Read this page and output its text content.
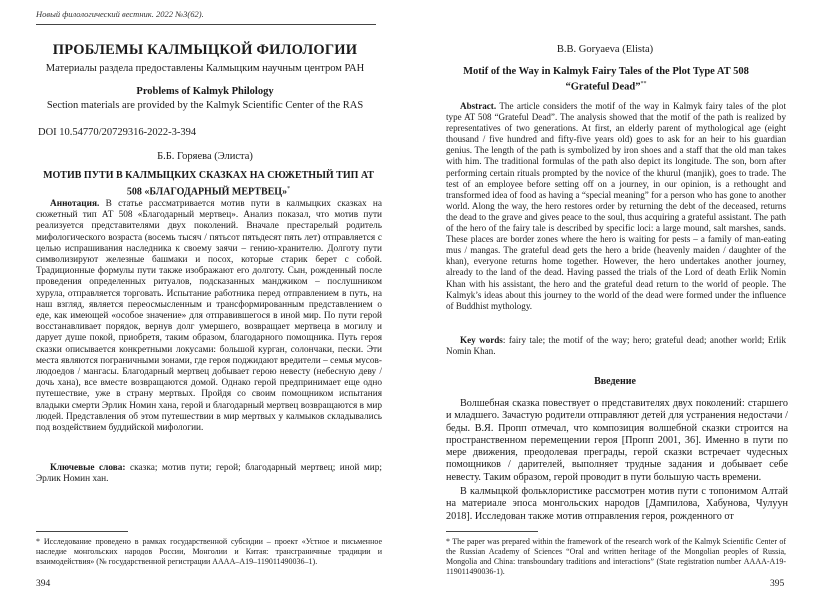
Новый филологический вестник. 2022 №3(62).

ПРОБЛЕМЫ КАЛМЫЦКОЙ ФИЛОЛОГИИ

Материалы раздела предоставлены Калмыцким научным центром РАН

Problems of Kalmyk Philology

Section materials are provided by the Kalmyk Scientific Center of the RAS

DOI 10.54770/20729316-2022-3-394

Б.Б. Горяева (Элиста)

МОТИВ ПУТИ В КАЛМЫЦКИХ СКАЗКАХ НА СЮЖЕТНЫЙ ТИП АТ 508 «БЛАГОДАРНЫЙ МЕРТВЕЦ»*

Аннотация. В статье рассматривается мотив пути в калмыцких сказках на сюжетный тип АТ 508 «Благодарный мертвец». Анализ показал, что мотив пути реализуется представителями двух поколений. Вначале престарелый родитель мифологического возраста (восемь тысяч / пятьсот пятьдесят пять лет) отправляется с целью испрашивания наследника к своему заячи – гению-хранителю. Долготу пути символизируют железные башмаки и посох, которые старик берет с собой. Традиционные формулы пути также изображают его долготу. Сын, рожденный после проведения определенных ритуалов, подсказанных манджиком – послушником хурула, отправляется торговать. Испытание работника перед отправлением в путь, на наш взгляд, является переосмысленным и трансформированным представлением о еде, как имеющей «особое значение» для отправившегося в иной мир. По пути герой восстанавливает порядок, вернув долг умершего, возвращает мертвеца в могилу и дарует душе покой, приобретя, таким образом, благодарного помощника. Путь героя сказки описывается конкретными локусами: большой курган, солончаки, пески. Эти места являются пограничными зонами, где героя поджидают вредители – семья мусов-людоедов / мангасы. Благодарный мертвец добывает герою невесту (небесную деву / дочь хана), все вместе возвращаются домой. Однако герой предпринимает еще одно путешествие, уже в страну мертвых. Пройдя со своим помощником испытания владыки смерти Эрлик Номин хана, герой и благодарный мертвец возвращаются в мир людей. Представления об этом путешествии в мир мертвых у калмыков складывались под воздействием буддийской мифологии.

Ключевые слова: сказка; мотив пути; герой; благодарный мертвец; иной мир; Эрлик Номин хан.

* Исследование проведено в рамках государственной субсидии – проект «Устное и письменное наследие монгольских народов России, Монголии и Китая: трансграничные традиции и взаимодействия» (№ государственной регистрации АААА–А19–119011490036–1).

394

B.B. Goryaeva (Elista)

Motif of the Way in Kalmyk Fairy Tales of the Plot Type AT 508 “Grateful Dead”**

Abstract. The article considers the motif of the way in Kalmyk fairy tales of the plot type AT 508 “Grateful Dead”. The analysis showed that the motif of the path is realized by representatives of two generations. At first, an elderly parent of mythological age (eight thousand / five hundred and fifty-five years old) goes to ask for an heir to his guardian genius. The length of the path is symbolized by iron shoes and a staff that the old man takes with him. The traditional formulas of the path also depict its longitude. The son, born after performing certain rituals prompted by the novice of the khurul (manjik), goes to trade. The test of an employee before setting off on a journey, in our opinion, is a rethought and transformed idea of food as having a “special meaning” for a person who has gone to another world. Along the way, the hero restores order by returning the debt of the deceased, returns the dead to the grave and gives peace to the soul, thus acquiring a grateful assistant. The path of the hero of the fairy tale is described by specific loci: a large mound, salt marshes, sands. These places are border zones where the hero is waiting for pests – a family of man-eating mus / mangas. The grateful dead gets the hero a bride (heavenly maiden / daughter of the khan), everyone returns home together. However, the hero undertakes another journey, already to the land of the dead. Having passed the trials of the Lord of death Erlik Nomin Khan with his assistant, the hero and the grateful dead return to the world of people. The Kalmyk’s ideas about this journey to the world of the dead were formed under the influence of Buddhist mythology.

Key words: fairy tale; the motif of the way; hero; grateful dead; another world; Erlik Nomin Khan.

Введение

Волшебная сказка повествует о представителях двух поколений: старшего и младшего. Зачастую родители отправляют детей для устранения недостачи / беды. В.Я. Пропп отмечал, что композиция волшебной сказки строится на пространственном перемещении героя [Пропп 2001, 36]. Именно в пути по мере движения, преодолевая преграды, герой сказки встречает чудесных помощников / дарителей, выполняет трудные задания и добывает себе невесту. Таким образом, герой проводит в пути большую часть времени.

В калмыцкой фольклористике рассмотрен мотив пути с топонимом Алтай на материале эпоса монгольских народов [Дампилова, Хабунова, Чулуун 2018]. Исследован также мотив отправления героя, рожденного от

* The paper was prepared within the framework of the research work of the Kalmyk Scientific Center of the Russian Academy of Sciences “Oral and written heritage of the Mongolian peoples of Russia, Mongolia and China: transboundary traditions and interactions” (State registration number АААА-А19-119011490036-1).

395
